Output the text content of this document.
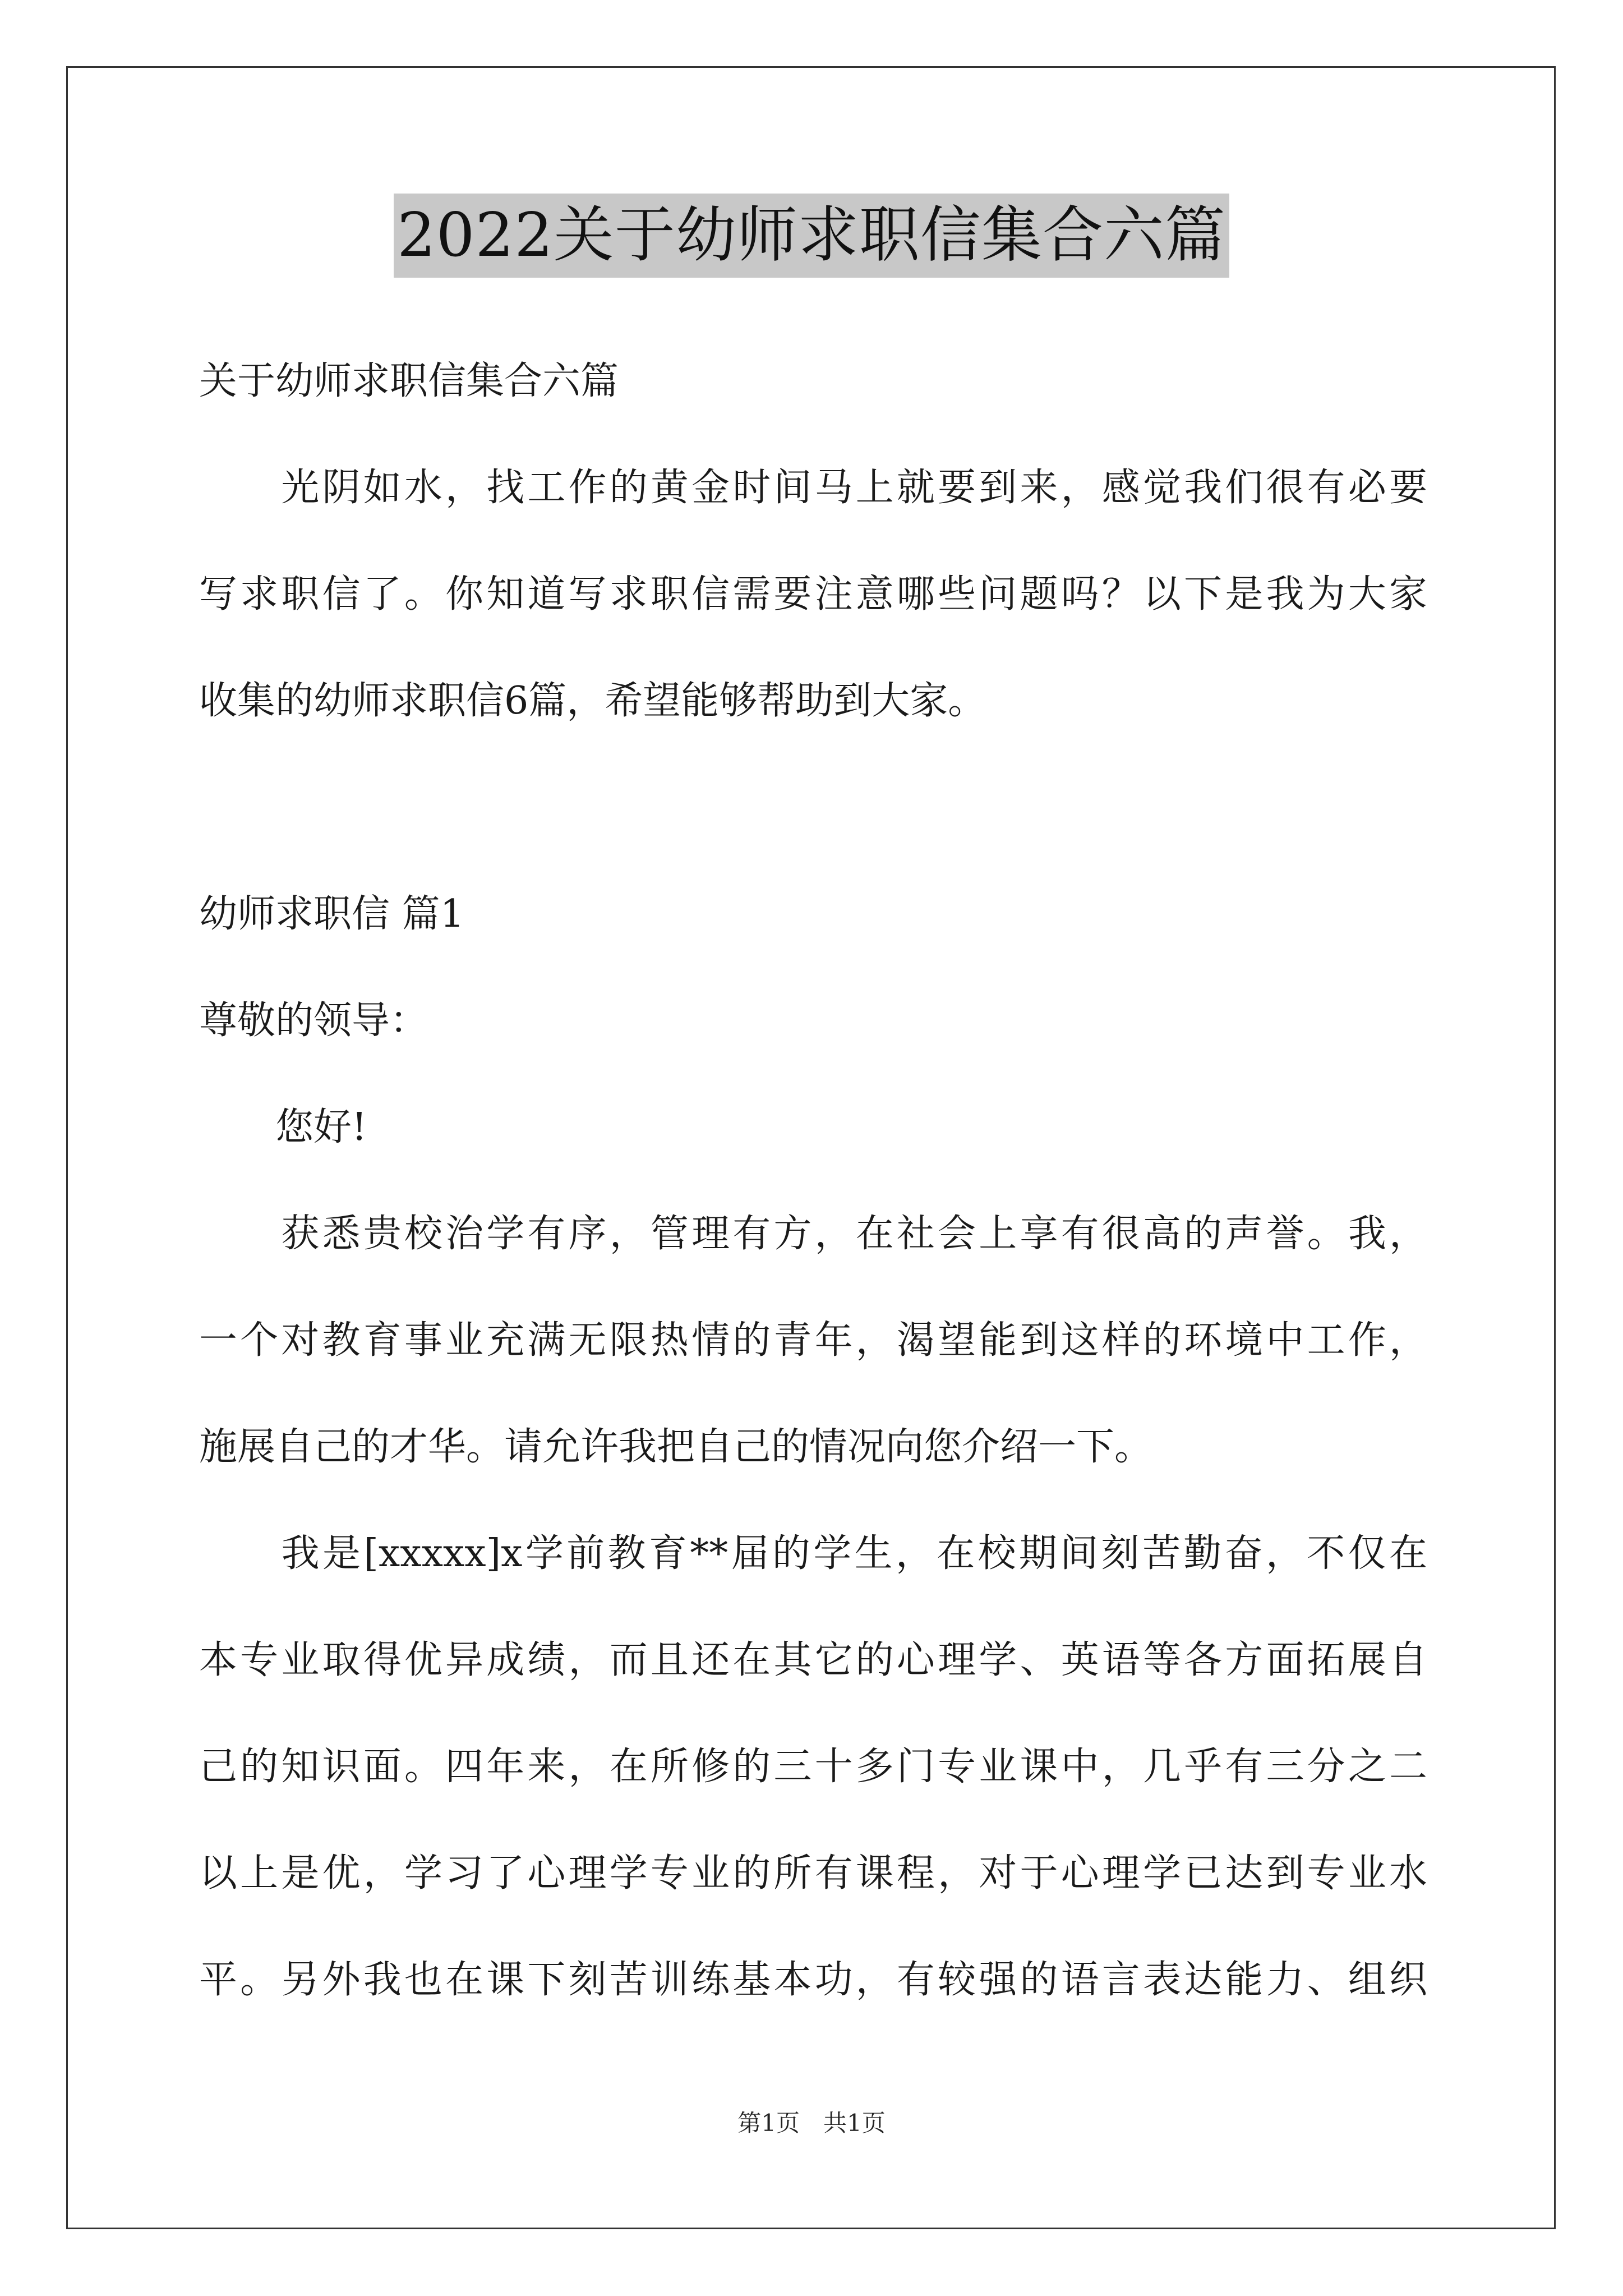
2022关于幼师求职信集合六篇
关于幼师求职信集合六篇
　　光阴如水，找工作的黄金时间马上就要到来，感觉我们很有必要
写求职信了。你知道写求职信需要注意哪些问题吗？以下是我为大家
收集的幼师求职信6篇，希望能够帮助到大家。
幼师求职信 篇1
尊敬的领导：
　　您好!
　　获悉贵校治学有序，管理有方，在社会上享有很高的声誉。我，
一个对教育事业充满无限热情的青年，渴望能到这样的环境中工作，
施展自己的才华。请允许我把自己的情况向您介绍一下。
　　我是[xxxxx]x学前教育**届的学生，在校期间刻苦勤奋，不仅在
本专业取得优异成绩，而且还在其它的心理学、英语等各方面拓展自
己的知识面。四年来，在所修的三十多门专业课中，几乎有三分之二
以上是优，学习了心理学专业的所有课程，对于心理学已达到专业水
平。另外我也在课下刻苦训练基本功，有较强的语言表达能力、组织
第1页　共1页
